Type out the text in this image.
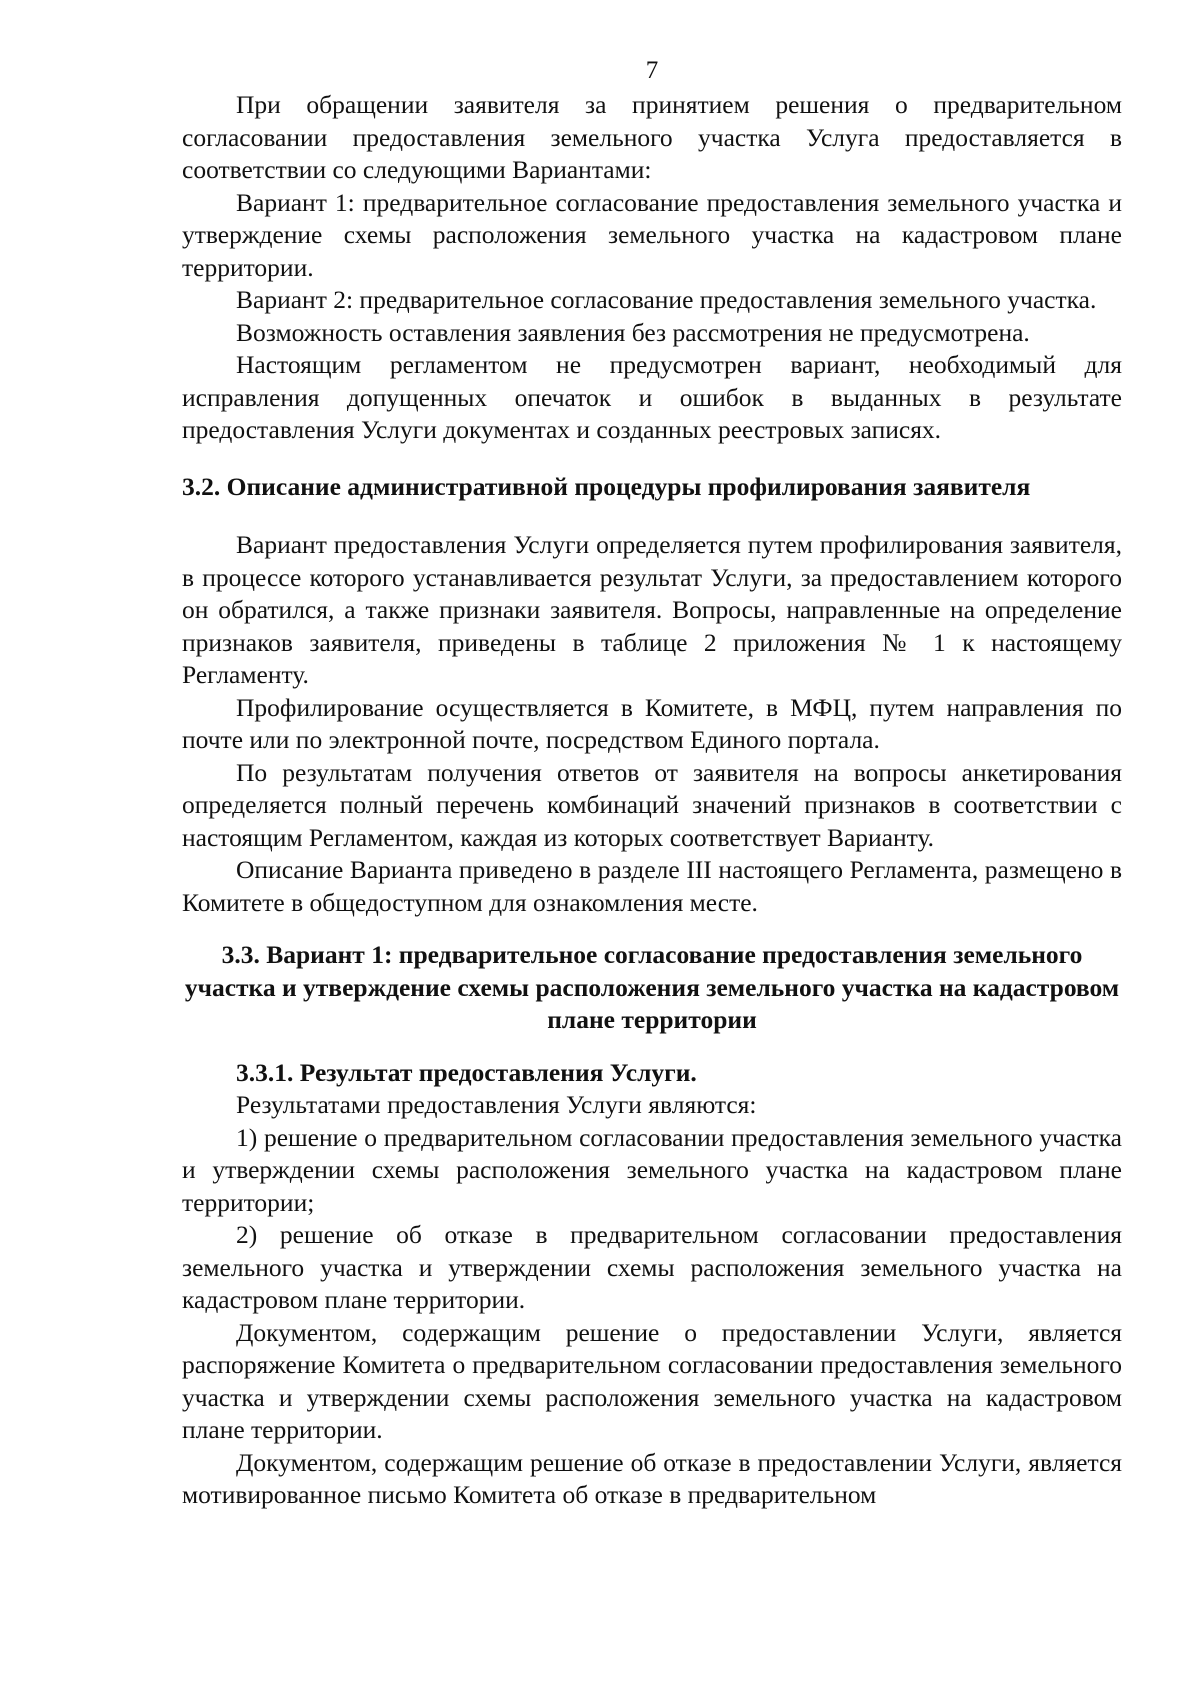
7

При обращении заявителя за принятием решения о предварительном согласовании предоставления земельного участка Услуга предоставляется в соответствии со следующими Вариантами:

Вариант 1: предварительное согласование предоставления земельного участка и утверждение схемы расположения земельного участка на кадастровом плане территории.

Вариант 2: предварительное согласование предоставления земельного участка.

Возможность оставления заявления без рассмотрения не предусмотрена.

Настоящим регламентом не предусмотрен вариант, необходимый для исправления допущенных опечаток и ошибок в выданных в результате предоставления Услуги документах и созданных реестровых записях.

3.2. Описание административной процедуры профилирования заявителя

Вариант предоставления Услуги определяется путем профилирования заявителя, в процессе которого устанавливается результат Услуги, за предоставлением которого он обратился, а также признаки заявителя. Вопросы, направленные на определение признаков заявителя, приведены в таблице 2 приложения № 1 к настоящему Регламенту.

Профилирование осуществляется в Комитете, в МФЦ, путем направления по почте или по электронной почте, посредством Единого портала.

По результатам получения ответов от заявителя на вопросы анкетирования определяется полный перечень комбинаций значений признаков в соответствии с настоящим Регламентом, каждая из которых соответствует Варианту.

Описание Варианта приведено в разделе III настоящего Регламента, размещено в Комитете в общедоступном для ознакомления месте.

3.3. Вариант 1: предварительное согласование предоставления земельного участка и утверждение схемы расположения земельного участка на кадастровом плане территории
3.3.1. Результат предоставления Услуги.

Результатами предоставления Услуги являются:

1) решение о предварительном согласовании предоставления земельного участка и утверждении схемы расположения земельного участка на кадастровом плане территории;

2) решение об отказе в предварительном согласовании предоставления земельного участка и утверждении схемы расположения земельного участка на кадастровом плане территории.

Документом, содержащим решение о предоставлении Услуги, является распоряжение Комитета о предварительном согласовании предоставления земельного участка и утверждении схемы расположения земельного участка на кадастровом плане территории.

Документом, содержащим решение об отказе в предоставлении Услуги, является мотивированное письмо Комитета об отказе в предварительном
